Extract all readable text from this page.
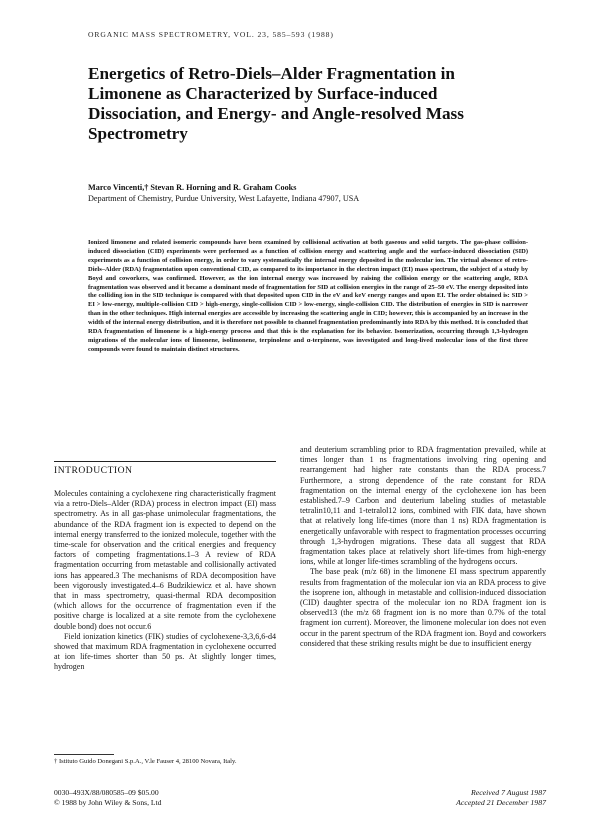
ORGANIC MASS SPECTROMETRY, VOL. 23, 585–593 (1988)
Energetics of Retro-Diels–Alder Fragmentation in Limonene as Characterized by Surface-induced Dissociation, and Energy- and Angle-resolved Mass Spectrometry
Marco Vincenti,† Stevan R. Horning and R. Graham Cooks
Department of Chemistry, Purdue University, West Lafayette, Indiana 47907, USA

Ionized limonene and related isomeric compounds have been examined by collisional activation at both gaseous and solid targets. The gas-phase collision-induced dissociation (CID) experiments were performed as a function of collision energy and scattering angle and the surface-induced dissociation (SID) experiments as a function of collision energy, in order to vary systematically the internal energy deposited in the molecular ion. The virtual absence of retro-Diels–Alder (RDA) fragmentation upon conventional CID, as compared to its importance in the electron impact (EI) mass spectrum, the subject of a study by Boyd and coworkers, was confirmed. However, as the ion internal energy was increased by raising the collision energy or the scattering angle, RDA fragmentation was observed and it became a dominant mode of fragmentation for SID at collision energies in the range of 25–50 eV. The energy deposited into the colliding ion in the SID technique is compared with that deposited upon CID in the eV and keV energy ranges and upon EI. The order obtained is: SID > EI > low-energy, multiple-collision CID > high-energy, single-collision CID > low-energy, single-collision CID. The distribution of energies in SID is narrower than in the other techniques. High internal energies are accessible by increasing the scattering angle in CID; however, this is accompanied by an increase in the width of the internal energy distribution, and it is therefore not possible to channel fragmentation predominantly into RDA by this method. It is concluded that RDA fragmentation of limonene is a high-energy process and that this is the explanation for its behavior. Isomerization, occurring through 1,3-hydrogen migrations of the molecular ions of limonene, isolimonene, terpinolene and α-terpinene, was investigated and long-lived molecular ions of the first three compounds were found to maintain distinct structures.

INTRODUCTION

Molecules containing a cyclohexene ring characteristically fragment via a retro-Diels–Alder (RDA) process in electron impact (EI) mass spectrometry. As in all gas-phase unimolecular fragmentations, the abundance of the RDA fragment ion is expected to depend on the internal energy transferred to the ionized molecule, together with the time-scale for observation and the critical energies and frequency factors of competing fragmentations.1–3 A review of RDA fragmentation occurring from metastable and collisionally activated ions has appeared.3 The mechanisms of RDA decomposition have been vigorously investigated.4–6 Budzikiewicz et al. have shown that in mass spectrometry, quasi-thermal RDA decomposition (which allows for the occurrence of fragmentation even if the positive charge is localized at a site remote from the cyclohexene double bond) does not occur.6

Field ionization kinetics (FIK) studies of cyclohexene-3,3,6,6-d4 showed that maximum RDA fragmentation in cyclohexene occurred at ion life-times shorter than 50 ps. At slightly longer times, hydrogen

and deuterium scrambling prior to RDA fragmentation prevailed, while at times longer than 1 ns fragmentations involving ring opening and rearrangement had higher rate constants than the RDA process.7 Furthermore, a strong dependence of the rate constant for RDA fragmentation on the internal energy of the cyclohexene ion has been established.7–9 Carbon and deuterium labeling studies of metastable tetralin10,11 and 1-tetralol12 ions, combined with FIK data, have shown that at relatively long life-times (more than 1 ns) RDA fragmentation is energetically unfavorable with respect to fragmentation processes occurring through 1,3-hydrogen migrations. These data all suggest that RDA fragmentation takes place at relatively short life-times from high-energy ions, while at longer life-times scrambling of the hydrogens occurs.

The base peak (m/z 68) in the limonene EI mass spectrum apparently results from fragmentation of the molecular ion via an RDA process to give the isoprene ion, although in metastable and collision-induced dissociation (CID) daughter spectra of the molecular ion no RDA fragment ion is observed13 (the m/z 68 fragment ion is no more than 0.7% of the total fragment ion current). Moreover, the limonene molecular ion does not even occur in the parent spectrum of the RDA fragment ion. Boyd and coworkers considered that these striking results might be due to insufficient energy

† Istituto Guido Donegani S.p.A., V.le Fauser 4, 28100 Novara, Italy.
0030–493X/88/080585–09 $05.00
© 1988 by John Wiley & Sons, Ltd
Received 7 August 1987
Accepted 21 December 1987
